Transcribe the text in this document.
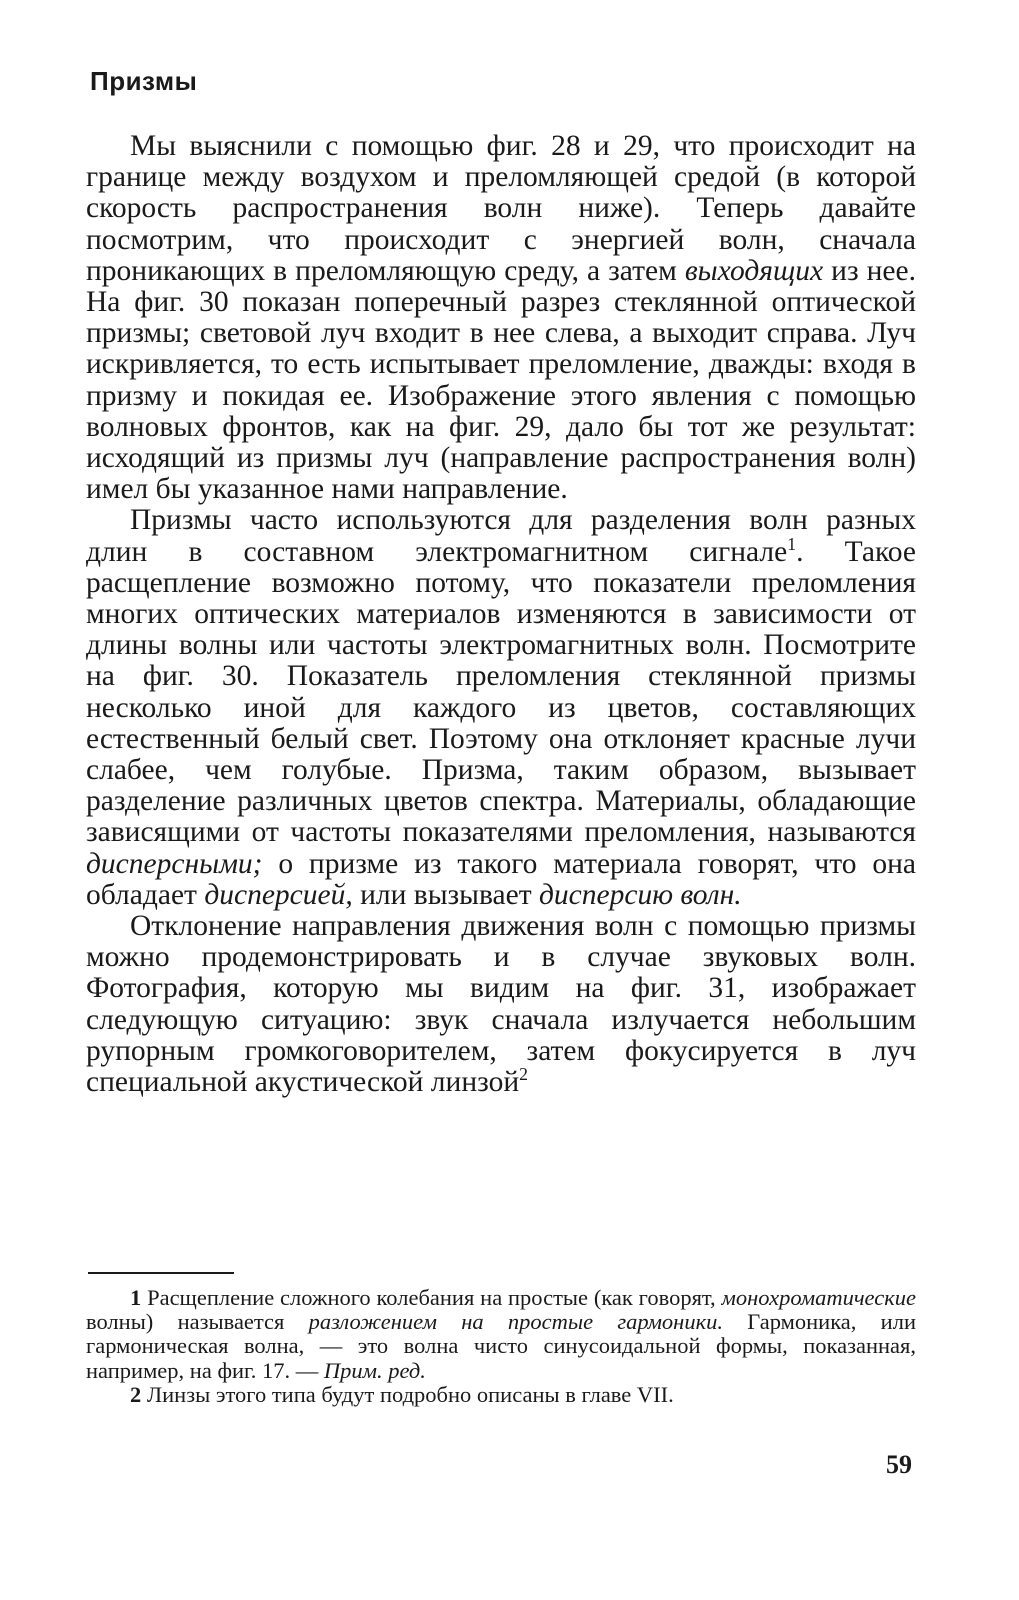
Призмы

Мы выяснили с помощью фиг. 28 и 29, что происходит на границе между воздухом и преломляющей средой (в которой скорость распространения волн ниже). Теперь давайте посмотрим, что происходит с энергией волн, сначала проникающих в преломляющую среду, а затем выходящих из нее. На фиг. 30 показан поперечный разрез стеклянной оптической призмы; световой луч входит в нее слева, а выходит справа. Луч искривляется, то есть испытывает преломление, дважды: входя в призму и покидая ее. Изображение этого явления с помощью волновых фронтов, как на фиг. 29, дало бы тот же результат: исходящий из призмы луч (направление распространения волн) имел бы указанное нами направление.

Призмы часто используются для разделения волн разных длин в составном электромагнитном сигнале$^1$. Такое расщепление возможно потому, что показатели преломления многих оптических материалов изменяются в зависимости от длины волны или частоты электромагнитных волн. Посмотрите на фиг. 30. Показатель преломления стеклянной призмы несколько иной для каждого из цветов, составляющих естественный белый свет. Поэтому она отклоняет красные лучи слабее, чем голубые. Призма, таким образом, вызывает разделение различных цветов спектра. Материалы, обладающие зависящими от частоты показателями преломления, называются дисперсными; о призме из такого материала говорят, что она обладает дисперсией, или вызывает дисперсию волн.

Отклонение направления движения волн с помощью призмы можно продемонстрировать и в случае звуковых волн. Фотография, которую мы видим на фиг. 31, изображает следующую ситуацию: звук сначала излучается небольшим рупорным громкоговорителем, затем фокусируется в луч специальной акустической линзой$^2$

1 Расщепление сложного колебания на простые (как говорят, монохроматические волны) называется разложением на простые гармоники. Гармоника, или гармоническая волна, — это волна чисто синусоидальной формы, показанная, например, на фиг. 17. — Прим. ред.

2 Линзы этого типа будут подробно описаны в главе VII.

59
